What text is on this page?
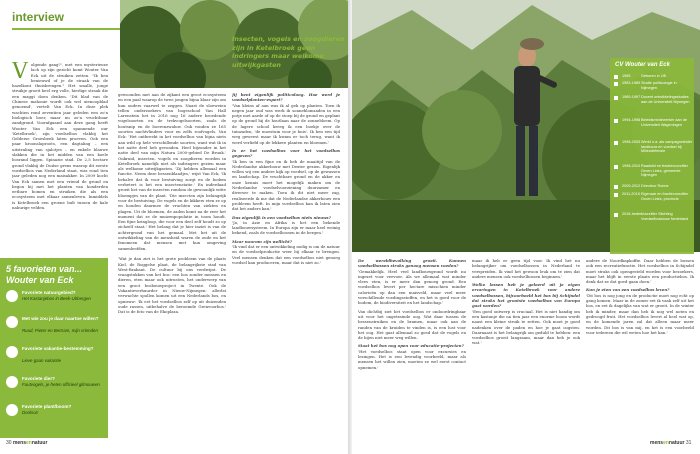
interview
Insecten, vogels en zoogdieren zijn in Ketelbroek geen indringers maar welkome uitwijkgasten
V olgende gang?', met een mysterieuze lach op zijn gezicht komt Wouter Van Eck uit de struiken zetten. "Ik ben benieuwd of je de straak van de hazelkont thuisbrengen." Het smalle, jonge struikje groeit heel erg volle, hierlige straak die een maggi doen denken. 'Dit blad van de Chinese mahonie wordt ook wel uienoopblad genoemd', vertelt Van Eck. In deze plek wachten rond zeventien jaar geleden een zo'n biologisch boer, maar nu zo'n vruchtbaar zandgrond. Voorafgaand aan deze gang heeft Wouter Van Eck een spannende uur 'Ketelbroek', zijn voedselbos vlakbij het Gelderse Groesbeek laten proeven. Ook een paar kroonslaproots, een dagtaling – een uitstraling van sjalotjes – en enkele blauwe slakken die in het midden van een koele bosrand liggen. Spinazie stad. De 2,5 hectare grond vlakbij de Duitse grens waarop dit eerste voedselbos van Nederland staat, was rond tien jaar geleden nog een maisakker. In 2009 kocht Van Eck samen met een vriend de grond en begon hij met het planten van honderden eetbare bomen en struiken die als een ecosysteem met elkaar samenleven. Inmiddels is Ketelbroek een groene bult tussen de kale naburige velden.
gewoonden met aan de zijkant een groot ecosysteem en een paal waarop de twee jongen bijna klaar zijn om hun ouders vaarwel te zeggen. Naast de sloeweien tellen onderzoekers van bogeschool Van Hall Larenstein het in 2016 nog 16 andere broedende vogelsoorten en de trekvogelsoorten, zoals de houtsnip en de boerenzwaluw. Ook vonden ze 165 soorten nachtvlinders voor en zelfs roofvogels. Van Eck: 'Het ontbreekt in het voedselbos van bijna niets aan wild op hele verschillende soorten, want wat ik in het natte deel heb gevonden. Heel bijzonder in het natte deel van mijn Natura 2000-gebied De Bruuk.' Onkruid, insecten, vogels en zoogdieren worden in Ketelbroek namelijk niet als indringers gezien maar als welkome uitwijkgasten. 'Zij hebben allemaal een functie. Neem deze bessenblaadjes,' wijst Van Eck, 'Ik behalve dat ik voor bestuiving zorgt en de bodem verbetert is het een insectenstatie.' En inderdaad groeit het van de insecten rondom de gewoonlijk witte bloempjes van de plant. 'Die insecten zijn belangrijk voor de bestuiving. De vogels en de kikkers eten ze op en houden daarmee de vruchten van ziekten en plagen. Uit de bloemen, de zaden komt na de zeer het moment dat ze de muizenpopulatie in toom houdt. Een fijne kringloop, die voor een deel zelf houdt zo op zichzelf staat.' Het belang dat je hier inziet is van de achtergrond van het gemaal. Met het uit de ontwikkeling van de mensheid waren de oude en het fenomeen dat mensen met hun omgeving samenleefden.

'Wat je dan ziet is het grote probleem van de plaats Kiel, de Roggelse plaat, de belangrijkste stad van West-Brabant. De cultuur bij ons verdwijnt. De vraagstukken van het bos: een bos zonder mensen en dieren, eten maar ook uitrusten, het onderwerp van een groot bosbouwproject in Twente. Ook de Vakantieverhuurder in Nieuw-Nijmegen: allerlei verwachte spullen komen uit een Nederlands bos, en opnieuw: 'Ik eet het voedselbos zelf op uit duizenden oude rassen, uitbehalve de beroemde Grenvoorbos.' Dat is de foto van de Ekoplaza.
Jij bent eigenlijk politicoloog. Hoe werd je voedselplanten-expert?
'Van kleins af aan was ik al gek op planten. Toen ik negen jaar oud was werk ik sonneblomzaden in een potje met aarde of op de stoep bij de grond en geplant op de grond bij de houtlaan naar de zonnebloem. Op de lagere school kreeg ik een boekje over de tuinzaden, 'de moestuin voor je huis'. Ik ben een tijd weg geweest maar ik kwam er toch terug, want ik werd verliefd op de lekkere planten en bloemen.'
Is er het voedselbos voor het voedselbos gegeven?
'Ik ben in een fijne en ik heb de maaitijd van de Nederlandse akkerbouw met Dexter gezien. Eigenlijk willen wij een andere kijk op voedsel, op de gewassen en landschap. De vruchtbare grond en de akker en onze kennis moet het mogelijk maken om de Nederlandse voedselvoorziening duurzamer en diverser te maken. Toen ik dit niet meer zag, realiseerde ik me dat de Nederlandse akkerbouw een probleem heeft. In mijn voedselbos kan ik laten zien dat het anders kan.'
Dus eigenlijk is een voedselbos niets nieuws?
'Ja, in Azie en Afrika is het een bekende landbouwsysteem. In Europa zijn er maar heel weinig bekend, zoals de voedselbossen in de bergen.'
Maar waarom zijn wellicht?
'Ik vind dat er een ontwikkeling nodig is om de natuur en de voedselproductie weer bij elkaar te brengen. Veel mensen denken dat een voedselbos niet genoeg voedsel kan produceren, maar dat is niet zo.'
5 favorieten van...
Wouter van Eck
Favoriete natuurgebied?
Het Kastanjebos in Beek-Ubbergen
Met wie zou je daar naartoe willen?
Ruud, Pieter en Bertram, mijn vrienden
Favoriete vakantie-bestemming?
Lieve gaan vakantie
Favoriete dier?
Fuutvogels, je heten officieel gilmouwen
Favoriete plant/boom?
Doolsoir
CV Wouter van Eck
1965	Geboren in Uft
1983-1989 Studie politicologie in Nijmegen
1989-1997 Docent ontwikkelingsstudies aan de Universiteit Nijmegen
1994-1998 Beleidsmedewerker aan de Universiteit Wageningen
1998-2003 Werkt o.a. als campagneleider landbouw en voedsel bij Milieudefensie
1998-2010 Raadslid en fractievoorzitter Groen Links, gemeente Nijmegen
2009-2012 Directeur Ronne
2011-2015 Eigenaar en fractievoorzitter Groen Links, provincie
2016-heden
Voorzitter Stichting Voedselbosbouw Nederland
De wereldbevolking groeit. Kunnen voedselbossen straks genoeg mensen voeden?
'Gemakkelijk. Heel veel landbouwgrond wordt nu ingezet voor veevoer. Als we allemaal wat minder vlees eten, is er meer dan genoeg grond. Een voedselbos levert per hectare misschien minder calorieën op dan een maisveld, maar veel meer verschillende voedingsstoffen, en het is goed voor de bodem, de biodiversiteit en het landschap.'
Van dichtbij ziet het voedselbos er ondoordringbaar uit voor het ongetrainde oog. Wat daar tussen de bessenstruiken en de bramen, maar ook aan de randen van de kruiden te vinden is, is een lust voor het oog. Het gaat allemaal zo goed dat de vogels en de bijen niet meer weg willen.
Staat het bos nog open voor educatie-projecten?
'Het voedselbos staat open voor excursies en lezingen. Het is een levendig voorbeeld, maar als mensen het willen zien, moeten ze wel eerst contact opnemen.'
maar ik heb er geen tijd voor. Ik vind het nu belangrijker om voedselbossen in Nederland te verspreiden. Ik vind het gewoon leuk om te zien dat andere mensen ook voedselbossen beginnen.'
Welke lessen heb je geleerd uit je eigen ervaringen in Ketelbroek voor andere voedselbossen, bijvoorbeeld het bos bij Schijndel dat straks het grootste voedselbos van Europa gaat worden?
'Een goed ontwerp is cruciaal. Het is niet handig om een kastanje die na tien jaar een enorme boom wordt naast een kleine struik te zetten. Ook moet je goed nadenken over de paden en hoe je gaat oogsten. Daarnaast is het belangrijk om geduld te hebben: een voedselbos groeit langzaam, maar dan heb je ook wat.'
andere de Noordkapkoffie. Daar hebben de bossen ook een recreatiefunctie. Het voedselbos in Schijndel moet straks ook opengesteld worden voor bezoekers, maar het blijft in eerste plaats een productiebos. Ik denk dat ze dat goed gaan doen.'
Kun je eten van een voedselbos leven?
'Dit bos is nog jong en de productie moet nog echt op gang komen. Maar in de zomer eet ik vaak zelf uit het bos, en eet ik dagelijks van wat er groeit. In de winter heb ik minder, maar dan heb ik nog wel noten en gedroogd fruit. Het voedselbos levert al heel wat op, en de komende jaren zal dat alleen maar meer worden. Dit bos is van mij, en het is een voorbeeld voor iedereen die wil weten hoe het kan.'
30 mensennatuur	mensennatuur 31
